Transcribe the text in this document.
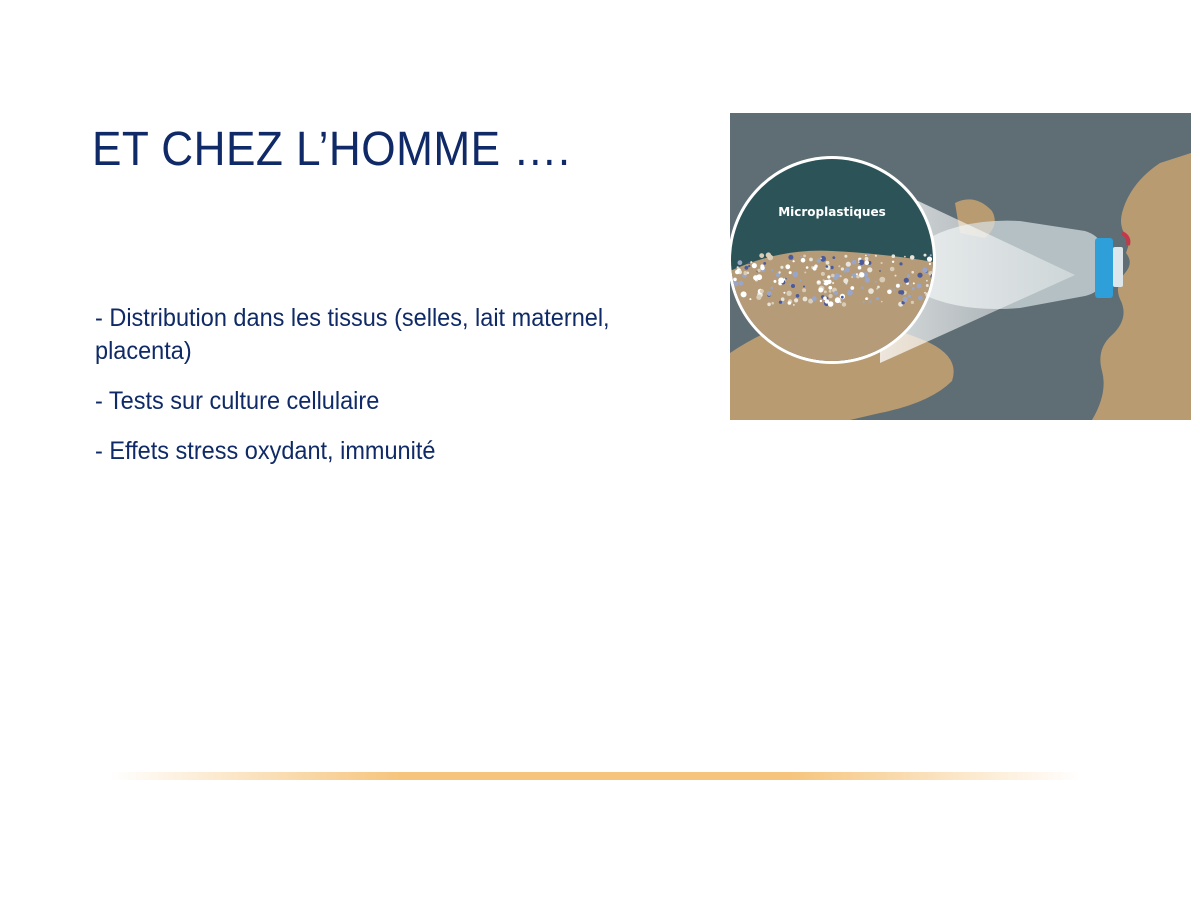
ET CHEZ L’HOMME ….

- Distribution dans les tissus (selles, lait maternel, placenta)

- Tests sur culture cellulaire

- Effets stress oxydant, immunité

Microplastiques
